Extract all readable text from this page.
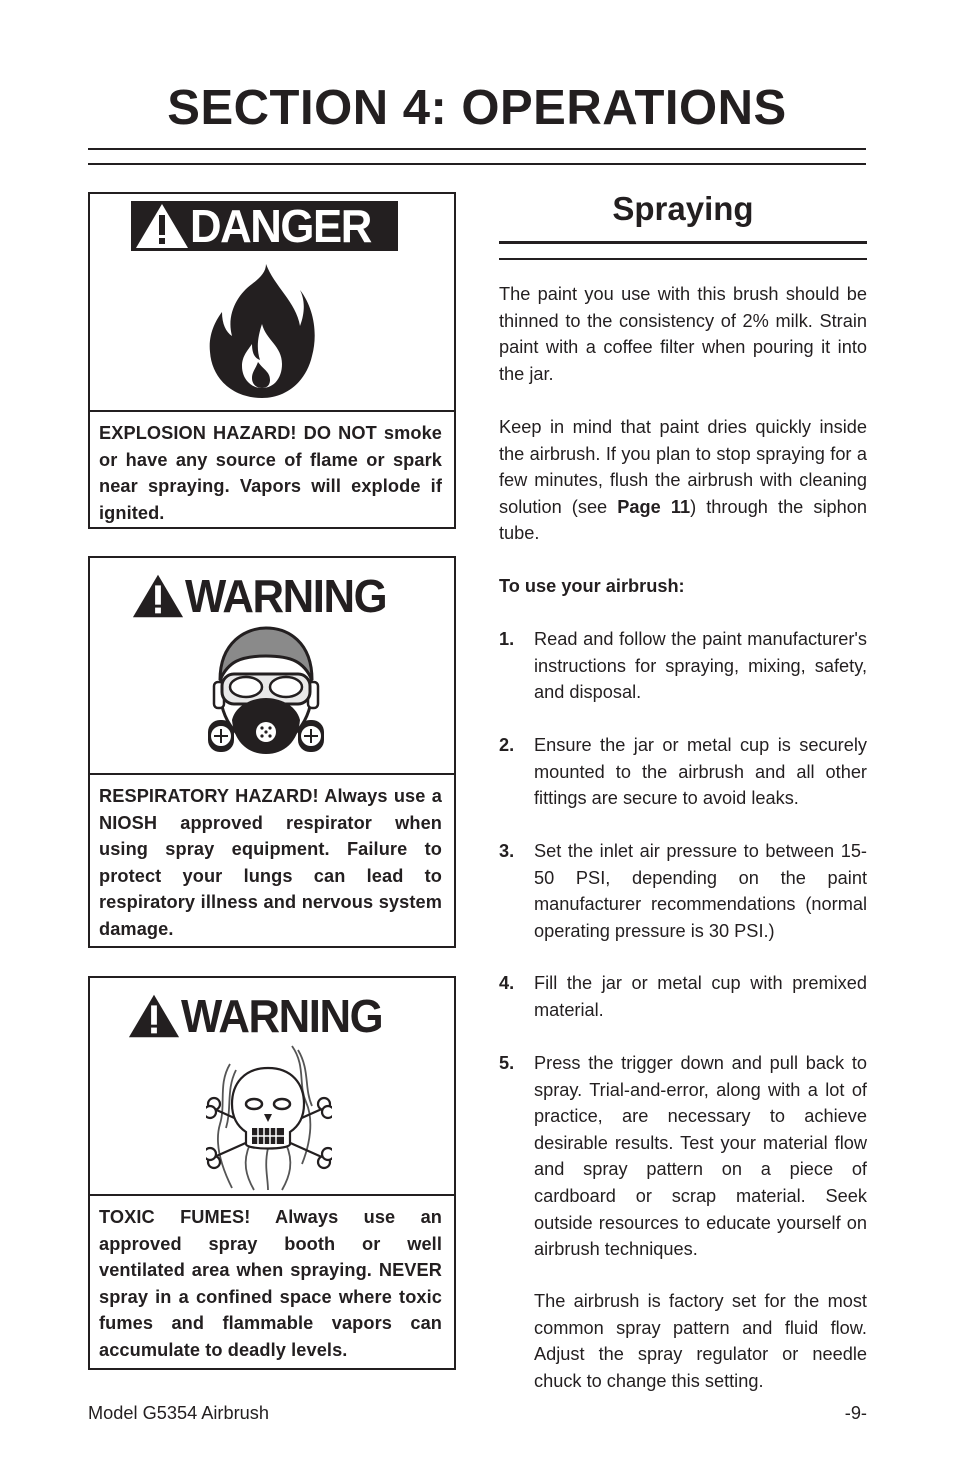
SECTION 4: OPERATIONS
DANGER
EXPLOSION HAZARD! DO NOT smoke or have any source of flame or spark near spraying. Vapors will explode if ignited.
WARNING
RESPIRATORY HAZARD! Always use a NIOSH approved respirator when using spray equipment. Failure to protect your lungs can lead to respiratory illness and nervous system damage.
WARNING
TOXIC FUMES! Always use an approved spray booth or well ventilated area when spraying. NEVER spray in a confined space where toxic fumes and flammable vapors can accumulate to deadly levels.
Spraying

The paint you use with this brush should be thinned to the consistency of 2% milk. Strain paint with a coffee filter when pouring it into the jar.

Keep in mind that paint dries quickly inside the airbrush. If you plan to stop spraying for a few minutes, flush the airbrush with cleaning solution (see Page 11) through the siphon tube.

To use your airbrush:
1. Read and follow the paint manufacturer's instructions for spraying, mixing, safety, and disposal.
2. Ensure the jar or metal cup is securely mounted to the airbrush and all other fittings are secure to avoid leaks.
3. Set the inlet air pressure to between 15-50 PSI, depending on the paint manufacturer recommendations (normal operating pressure is 30 PSI.)
4. Fill the jar or metal cup with premixed material.
5. Press the trigger down and pull back to spray. Trial-and-error, along with a lot of practice, are necessary to achieve desirable results. Test your material flow and spray pattern on a piece of cardboard or scrap material. Seek outside resources to educate yourself on airbrush techniques.
The airbrush is factory set for the most common spray pattern and fluid flow. Adjust the spray regulator or needle chuck to change this setting.
Model G5354 Airbrush	-9-
